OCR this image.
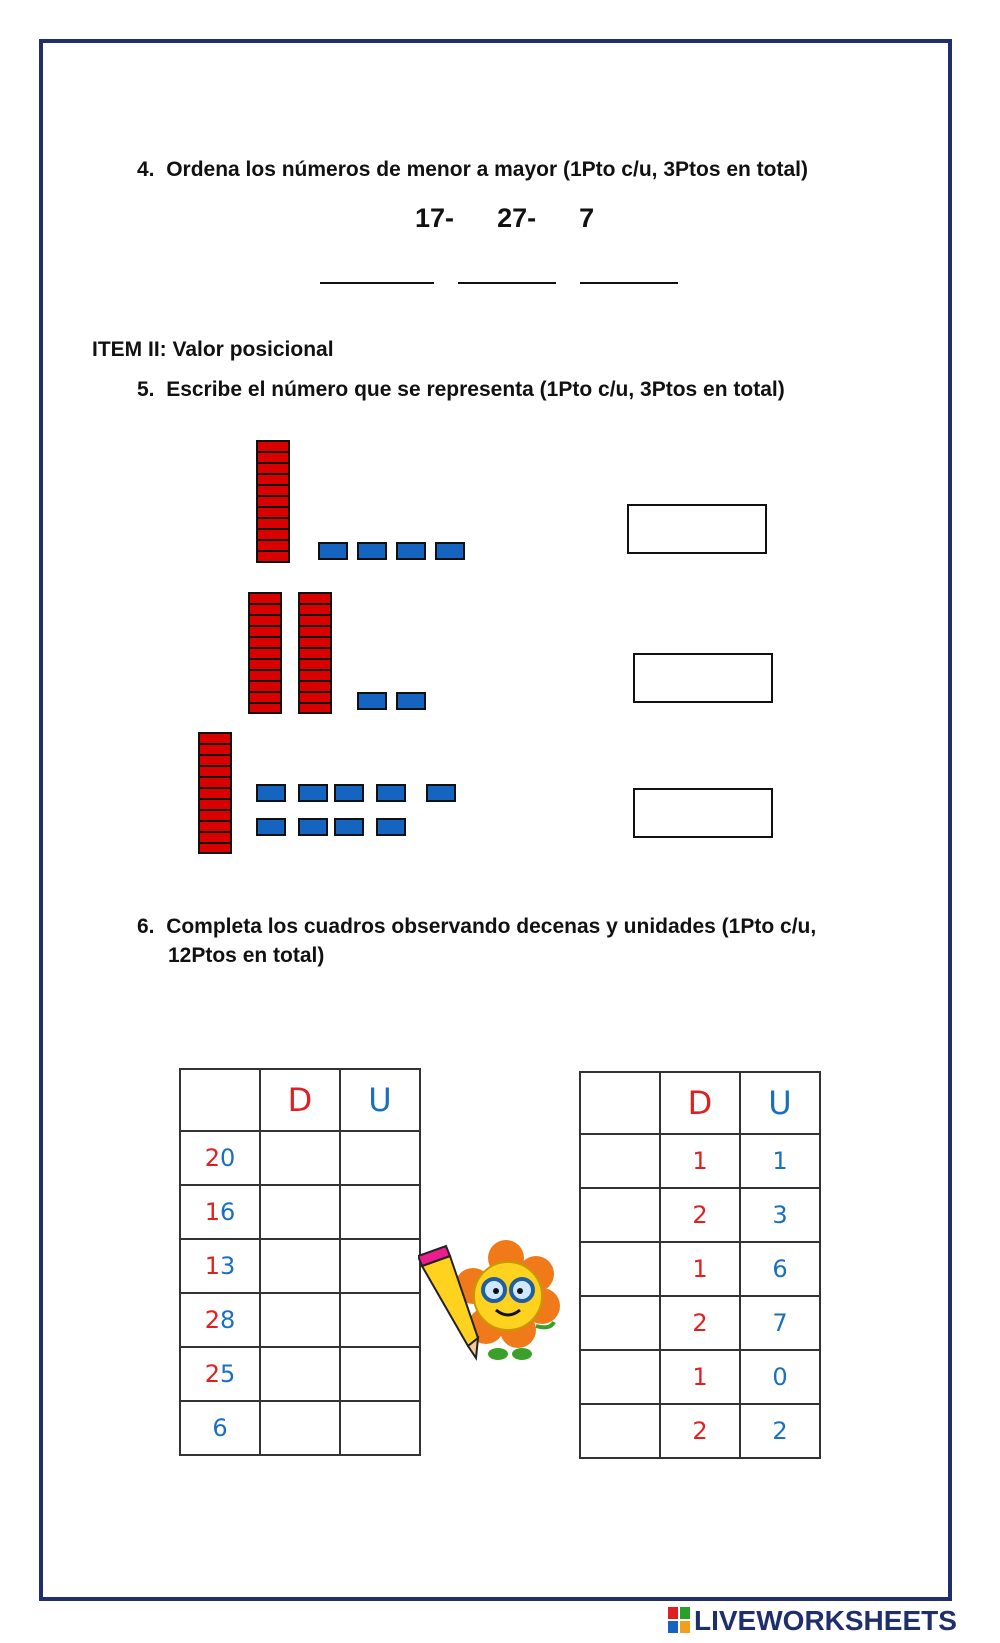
4. Ordena los números de menor a mayor (1Pto c/u, 3Ptos en total)
17- 27- 7
ITEM II: Valor posicional
5. Escribe el número que se representa (1Pto c/u, 3Ptos en total)
6. Completa los cuadros observando decenas y unidades (1Pto c/u,
12Ptos en total)
	D	U
20		
16		
13		
28		
25		
6		
	D	U
	1	1
	2	3
	1	6
	2	7
	1	0
	2	2
LIVEWORKSHEETS
